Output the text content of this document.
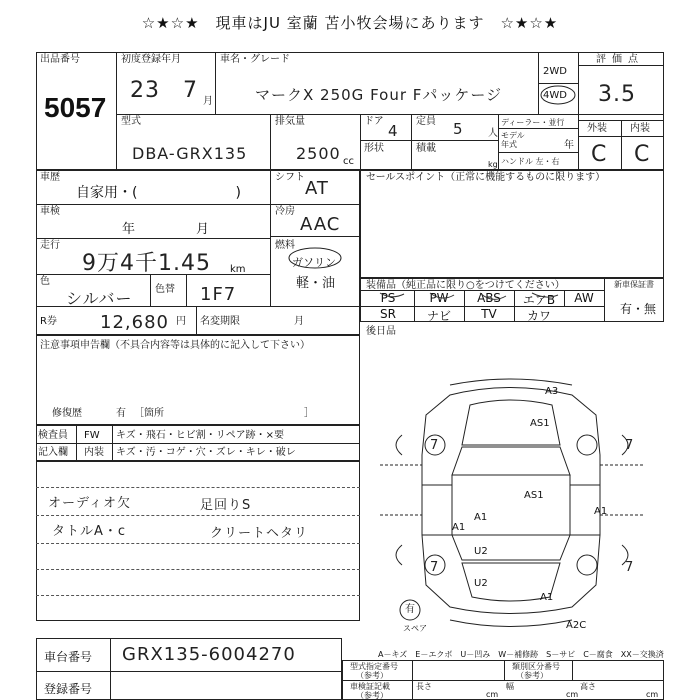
☆★☆★　現車はJU 室蘭 苫小牧会場にあります　☆★☆★
出品番号
5057
初度登録年月
23 7 月
車名・グレード
マークX 250G Four Fパッケージ
2WD
4WD
評価点
3.5
型式
DBA-GRX135
排気量
2500 cc
ドア
4
定員 5 人
形状	積載
kg
ディーラー・並行
モデル年式	年
ハンドル 左・右
外装 内装
C C
車歴
自家用・(　　　　　　　)
シフト
AT
車検
年	月
冷房
AAC
走行
9万4千1.45 km
燃料
ガソリン
軽・油
色
シルバー 色替 1F7
R券 12,680 円 名変期限	月
セールスポイント（正常に機能するものに限ります）
装備品（純正品に限り○をつけてください）
PS	PW	ABS	エアB	AW
SR	ナビ	TV	カワ
新車保証書
有・無
後日品
注意事項申告欄（不具合内容等は具体的に記入して下さい）
修復歴	有 ［箇所　　　　　　　　　　　　　　］
検査員
記入欄
FW キズ・飛石・ヒビ割・リペア跡・×要
内装 キズ・汚・コゲ・穴・ズレ・キレ・破レ
オーディオ欠
タトルA・c
足回りS
クリートヘタリ
A3
AS1
AS1
A1
A1
U2
U2
A1
A1
A2C
7	7
7	7
有
スペア
A－キズ　E－エクボ　U－凹み　W－補修跡　S－サビ　C－腐食　XX－交換済
車台番号 GRX135-6004270
登録番号
型式指定番号
（参考）
類別区分番号
（参考）
車検証記載
（参考）
長さ
cm
幅
cm
高さ
cm
